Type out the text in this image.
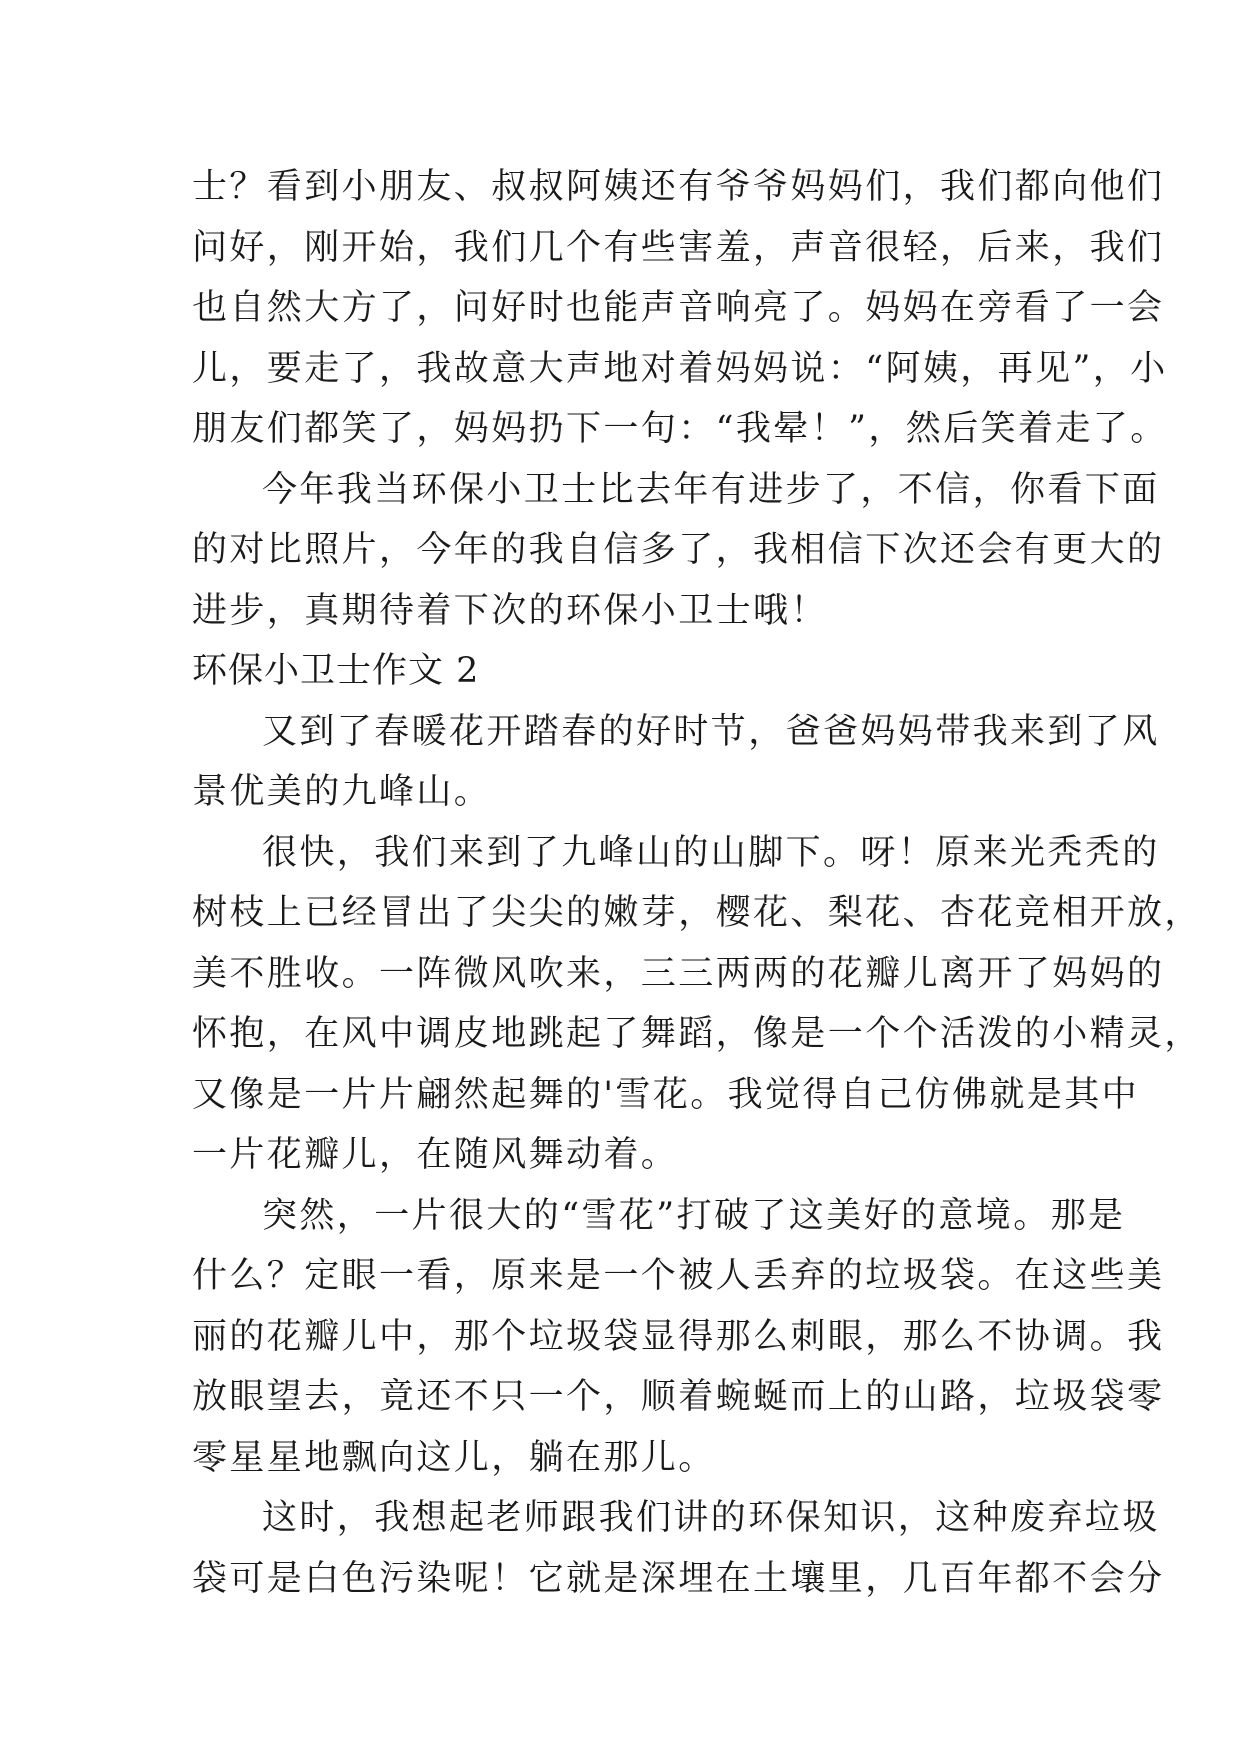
士？看到小朋友、叔叔阿姨还有爷爷妈妈们，我们都向他们
问好，刚开始，我们几个有些害羞，声音很轻，后来，我们
也自然大方了，问好时也能声音响亮了。妈妈在旁看了一会
儿，要走了，我故意大声地对着妈妈说：“阿姨，再见”，小
朋友们都笑了，妈妈扔下一句：“我晕！”，然后笑着走了。
今年我当环保小卫士比去年有进步了，不信，你看下面
的对比照片，今年的我自信多了，我相信下次还会有更大的
进步，真期待着下次的环保小卫士哦！
环保小卫士作文 2
又到了春暖花开踏春的好时节，爸爸妈妈带我来到了风
景优美的九峰山。
很快，我们来到了九峰山的山脚下。呀！原来光秃秃的
树枝上已经冒出了尖尖的嫩芽，樱花、梨花、杏花竞相开放，
美不胜收。一阵微风吹来，三三两两的花瓣儿离开了妈妈的
怀抱，在风中调皮地跳起了舞蹈，像是一个个活泼的小精灵，
又像是一片片翩然起舞的'雪花。我觉得自己仿佛就是其中
一片花瓣儿，在随风舞动着。
突然，一片很大的“雪花”打破了这美好的意境。那是
什么？定眼一看，原来是一个被人丢弃的垃圾袋。在这些美
丽的花瓣儿中，那个垃圾袋显得那么刺眼，那么不协调。我
放眼望去，竟还不只一个，顺着蜿蜒而上的山路，垃圾袋零
零星星地飘向这儿，躺在那儿。
这时，我想起老师跟我们讲的环保知识，这种废弃垃圾
袋可是白色污染呢！它就是深埋在土壤里，几百年都不会分
